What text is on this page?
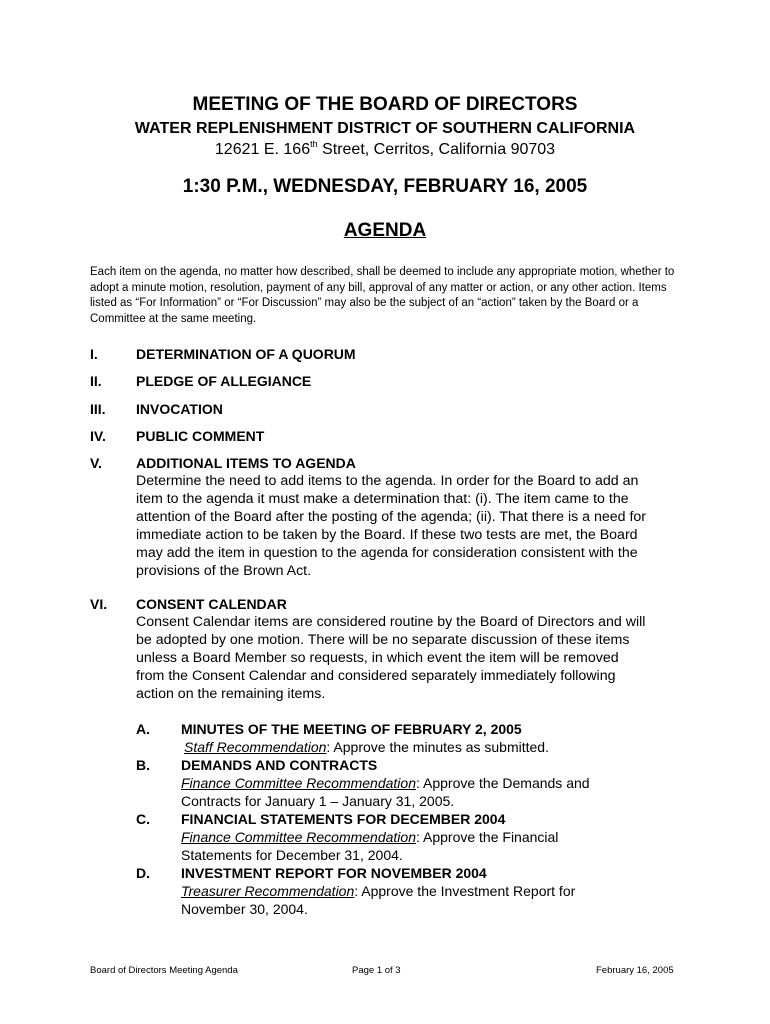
MEETING OF THE BOARD OF DIRECTORS
WATER REPLENISHMENT DISTRICT OF SOUTHERN CALIFORNIA
12621 E. 166th Street, Cerritos, California 90703
1:30 P.M., WEDNESDAY, FEBRUARY 16, 2005
AGENDA
Each item on the agenda, no matter how described, shall be deemed to include any appropriate motion, whether to adopt a minute motion, resolution, payment of any bill, approval of any matter or action, or any other action. Items listed as “For Information” or “For Discussion” may also be the subject of an “action” taken by the Board or a Committee at the same meeting.
I.	DETERMINATION OF A QUORUM
II. PLEDGE OF ALLEGIANCE
III. INVOCATION
IV. PUBLIC COMMENT
V. ADDITIONAL ITEMS TO AGENDA
Determine the need to add items to the agenda. In order for the Board to add an
item to the agenda it must make a determination that: (i). The item came to the
attention of the Board after the posting of the agenda; (ii). That there is a need for
immediate action to be taken by the Board. If these two tests are met, the Board
may add the item in question to the agenda for consideration consistent with the
provisions of the Brown Act.
VI. CONSENT CALENDAR
Consent Calendar items are considered routine by the Board of Directors and will
be adopted by one motion. There will be no separate discussion of these items
unless a Board Member so requests, in which event the item will be removed
from the Consent Calendar and considered separately immediately following
action on the remaining items.
A. MINUTES OF THE MEETING OF FEBRUARY 2, 2005
Staff Recommendation: Approve the minutes as submitted.
B. DEMANDS AND CONTRACTS
Finance Committee Recommendation: Approve the Demands and
Contracts for January 1 – January 31, 2005.
C. FINANCIAL STATEMENTS FOR DECEMBER 2004
Finance Committee Recommendation: Approve the Financial
Statements for December 31, 2004.
D. INVESTMENT REPORT FOR NOVEMBER 2004
Treasurer Recommendation: Approve the Investment Report for
November 30, 2004.
Board of Directors Meeting Agenda	Page 1 of 3	February 16, 2005
